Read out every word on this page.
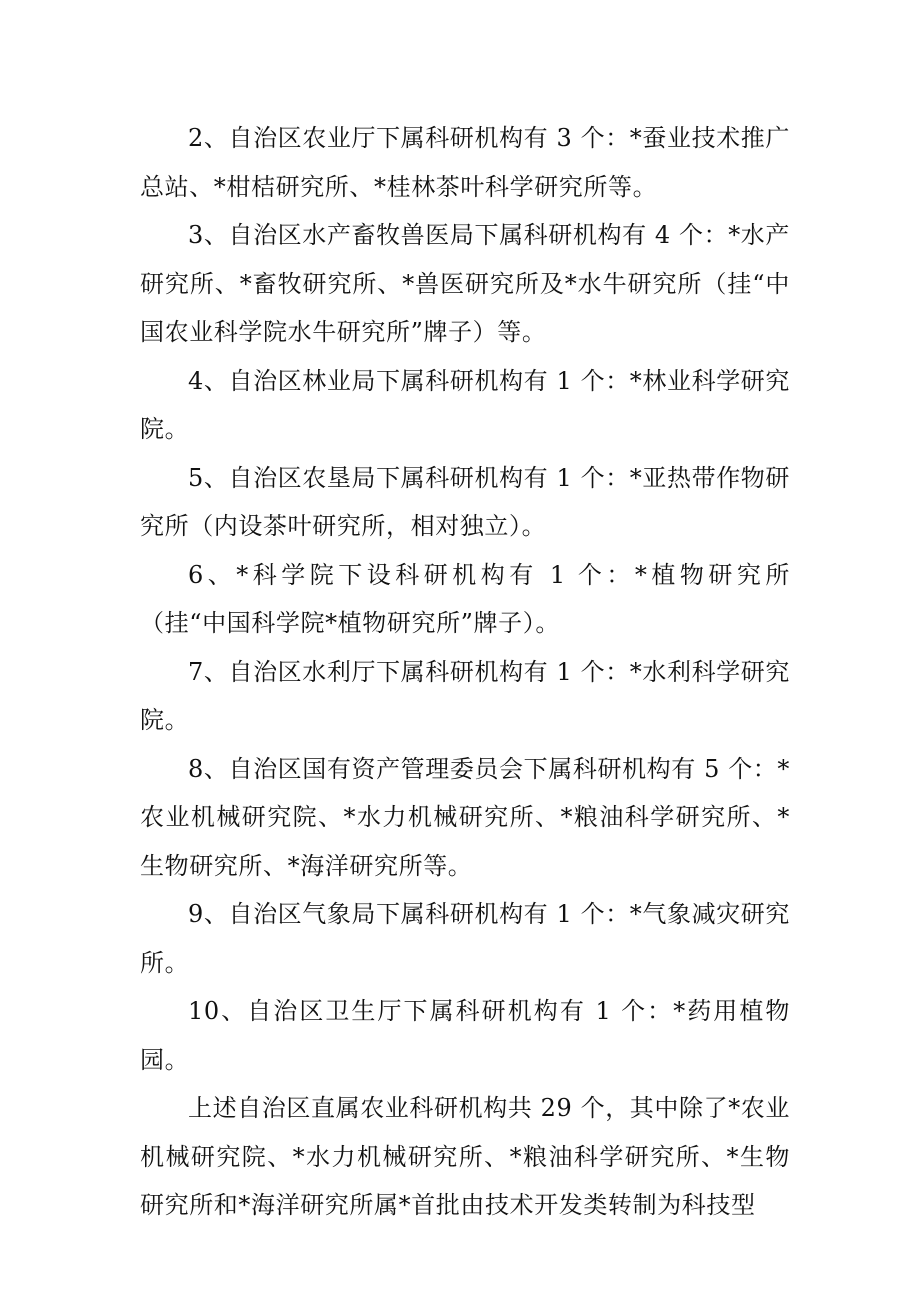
2、自治区农业厅下属科研机构有 3 个：*蚕业技术推广总站、*柑桔研究所、*桂林茶叶科学研究所等。

3、自治区水产畜牧兽医局下属科研机构有 4 个：*水产研究所、*畜牧研究所、*兽医研究所及*水牛研究所（挂“中国农业科学院水牛研究所”牌子）等。

4、自治区林业局下属科研机构有 1 个：*林业科学研究院。

5、自治区农垦局下属科研机构有 1 个：*亚热带作物研究所（内设茶叶研究所，相对独立）。

6、*科学院下设科研机构有 1 个：*植物研究所（挂“中国科学院*植物研究所”牌子）。

7、自治区水利厅下属科研机构有 1 个：*水利科学研究院。

8、自治区国有资产管理委员会下属科研机构有 5 个：*农业机械研究院、*水力机械研究所、*粮油科学研究所、*生物研究所、*海洋研究所等。

9、自治区气象局下属科研机构有 1 个：*气象减灾研究所。

10、自治区卫生厅下属科研机构有 1 个：*药用植物园。

上述自治区直属农业科研机构共 29 个，其中除了*农业机械研究院、*水力机械研究所、*粮油科学研究所、*生物研究所和*海洋研究所属*首批由技术开发类转制为科技型
